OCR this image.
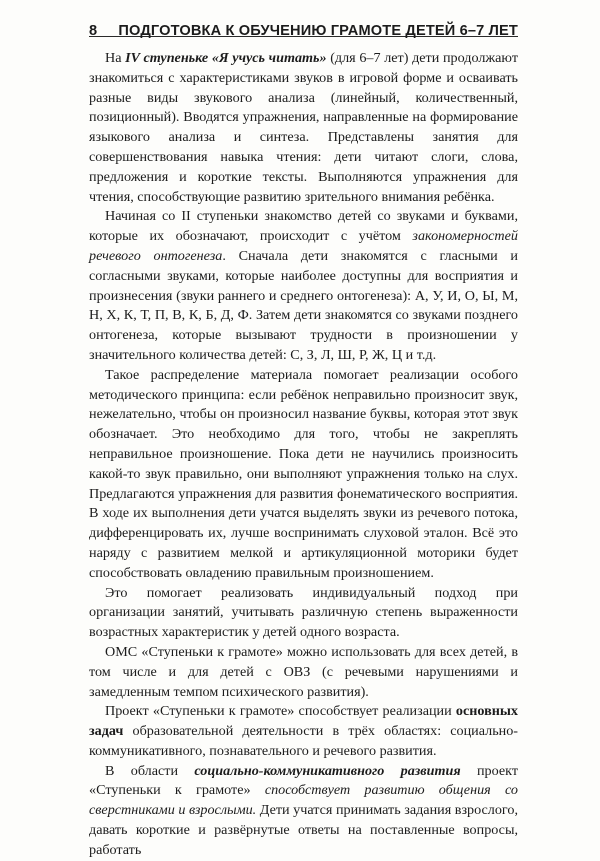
8	ПОДГОТОВКА К ОБУЧЕНИЮ ГРАМОТЕ ДЕТЕЙ 6–7 ЛЕТ

На IV ступеньке «Я учусь читать» (для 6–7 лет) дети продолжают знакомиться с характеристиками звуков в игровой форме и осваивать разные виды звукового анализа (линейный, количественный, позиционный). Вводятся упражнения, направленные на формирование языкового анализа и синтеза. Представлены занятия для совершенствования навыка чтения: дети читают слоги, слова, предложения и короткие тексты. Выполняются упражнения для чтения, способствующие развитию зрительного внимания ребёнка.

Начиная со II ступеньки знакомство детей со звуками и буквами, которые их обозначают, происходит с учётом закономерностей речевого онтогенеза. Сначала дети знакомятся с гласными и согласными звуками, которые наиболее доступны для восприятия и произнесения (звуки раннего и среднего онтогенеза): А, У, И, О, Ы, М, Н, Х, К, Т, П, В, К, Б, Д, Ф. Затем дети знакомятся со звуками позднего онтогенеза, которые вызывают трудности в произношении у значительного количества детей: С, З, Л, Ш, Р, Ж, Ц и т.д.

Такое распределение материала помогает реализации особого методического принципа: если ребёнок неправильно произносит звук, нежелательно, чтобы он произносил название буквы, которая этот звук обозначает. Это необходимо для того, чтобы не закреплять неправильное произношение. Пока дети не научились произносить какой-то звук правильно, они выполняют упражнения только на слух. Предлагаются упражнения для развития фонематического восприятия. В ходе их выполнения дети учатся выделять звуки из речевого потока, дифференцировать их, лучше воспринимать слуховой эталон. Всё это наряду с развитием мелкой и артикуляционной моторики будет способствовать овладению правильным произношением.

Это помогает реализовать индивидуальный подход при организации занятий, учитывать различную степень выраженности возрастных характеристик у детей одного возраста.

ОМС «Ступеньки к грамоте» можно использовать для всех детей, в том числе и для детей с ОВЗ (с речевыми нарушениями и замедленным темпом психического развития).

Проект «Ступеньки к грамоте» способствует реализации основных задач образовательной деятельности в трёх областях: социально-коммуникативного, познавательного и речевого развития.

В области социально-коммуникативного развития проект «Ступеньки к грамоте» способствует развитию общения со сверстниками и взрослыми. Дети учатся принимать задания взрослого, давать короткие и развёрнутые ответы на поставленные вопросы, работать
